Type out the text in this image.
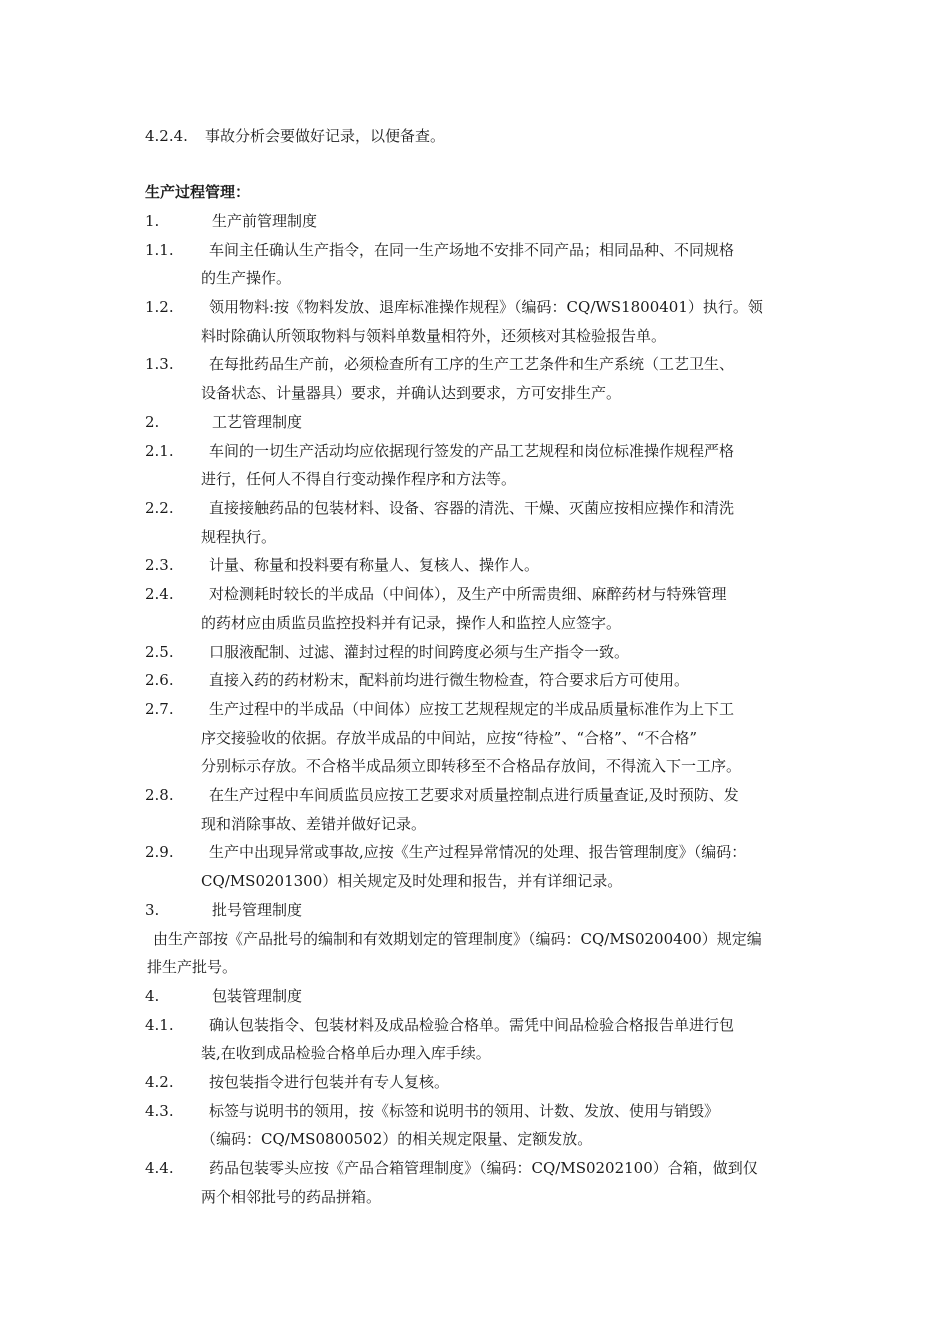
4.2.4. 事故分析会要做好记录，以便备查。
生产过程管理：
1.	生产前管理制度
1.1. 车间主任确认生产指令，在同一生产场地不安排不同产品；相同品种、不同规格
的生产操作。
1.2. 领用物料:按《物料发放、退库标准操作规程》（编码：CQ/WS1800401）执行。领
料时除确认所领取物料与领料单数量相符外，还须核对其检验报告单。
1.3. 在每批药品生产前，必须检查所有工序的生产工艺条件和生产系统（工艺卫生、
设备状态、计量器具）要求，并确认达到要求，方可安排生产。
2.	工艺管理制度
2.1. 车间的一切生产活动均应依据现行签发的产品工艺规程和岗位标准操作规程严格
进行，任何人不得自行变动操作程序和方法等。
2.2. 直接接触药品的包装材料、设备、容器的清洗、干燥、灭菌应按相应操作和清洗
规程执行。
2.3. 计量、称量和投料要有称量人、复核人、操作人。
2.4. 对检测耗时较长的半成品（中间体），及生产中所需贵细、麻醉药材与特殊管理
的药材应由质监员监控投料并有记录，操作人和监控人应签字。
2.5. 口服液配制、过滤、灌封过程的时间跨度必须与生产指令一致。
2.6. 直接入药的药材粉末，配料前均进行微生物检查，符合要求后方可使用。
2.7. 生产过程中的半成品（中间体）应按工艺规程规定的半成品质量标准作为上下工
序交接验收的依据。存放半成品的中间站，应按“待检”、“合格”、“不合格”
分别标示存放。不合格半成品须立即转移至不合格品存放间，不得流入下一工序。
2.8. 在生产过程中车间质监员应按工艺要求对质量控制点进行质量查证,及时预防、发
现和消除事故、差错并做好记录。
2.9. 生产中出现异常或事故,应按《生产过程异常情况的处理、报告管理制度》（编码：
CQ/MS0201300）相关规定及时处理和报告，并有详细记录。
3.	批号管理制度
由生产部按《产品批号的编制和有效期划定的管理制度》（编码：CQ/MS0200400）规定编
排生产批号。
4.	包装管理制度
4.1. 确认包装指令、包装材料及成品检验合格单。需凭中间品检验合格报告单进行包
装,在收到成品检验合格单后办理入库手续。
4.2. 按包装指令进行包装并有专人复核。
4.3. 标签与说明书的领用，按《标签和说明书的领用、计数、发放、使用与销毁》
（编码：CQ/MS0800502）的相关规定限量、定额发放。
4.4. 药品包装零头应按《产品合箱管理制度》（编码：CQ/MS0202100）合箱，做到仅
两个相邻批号的药品拼箱。
